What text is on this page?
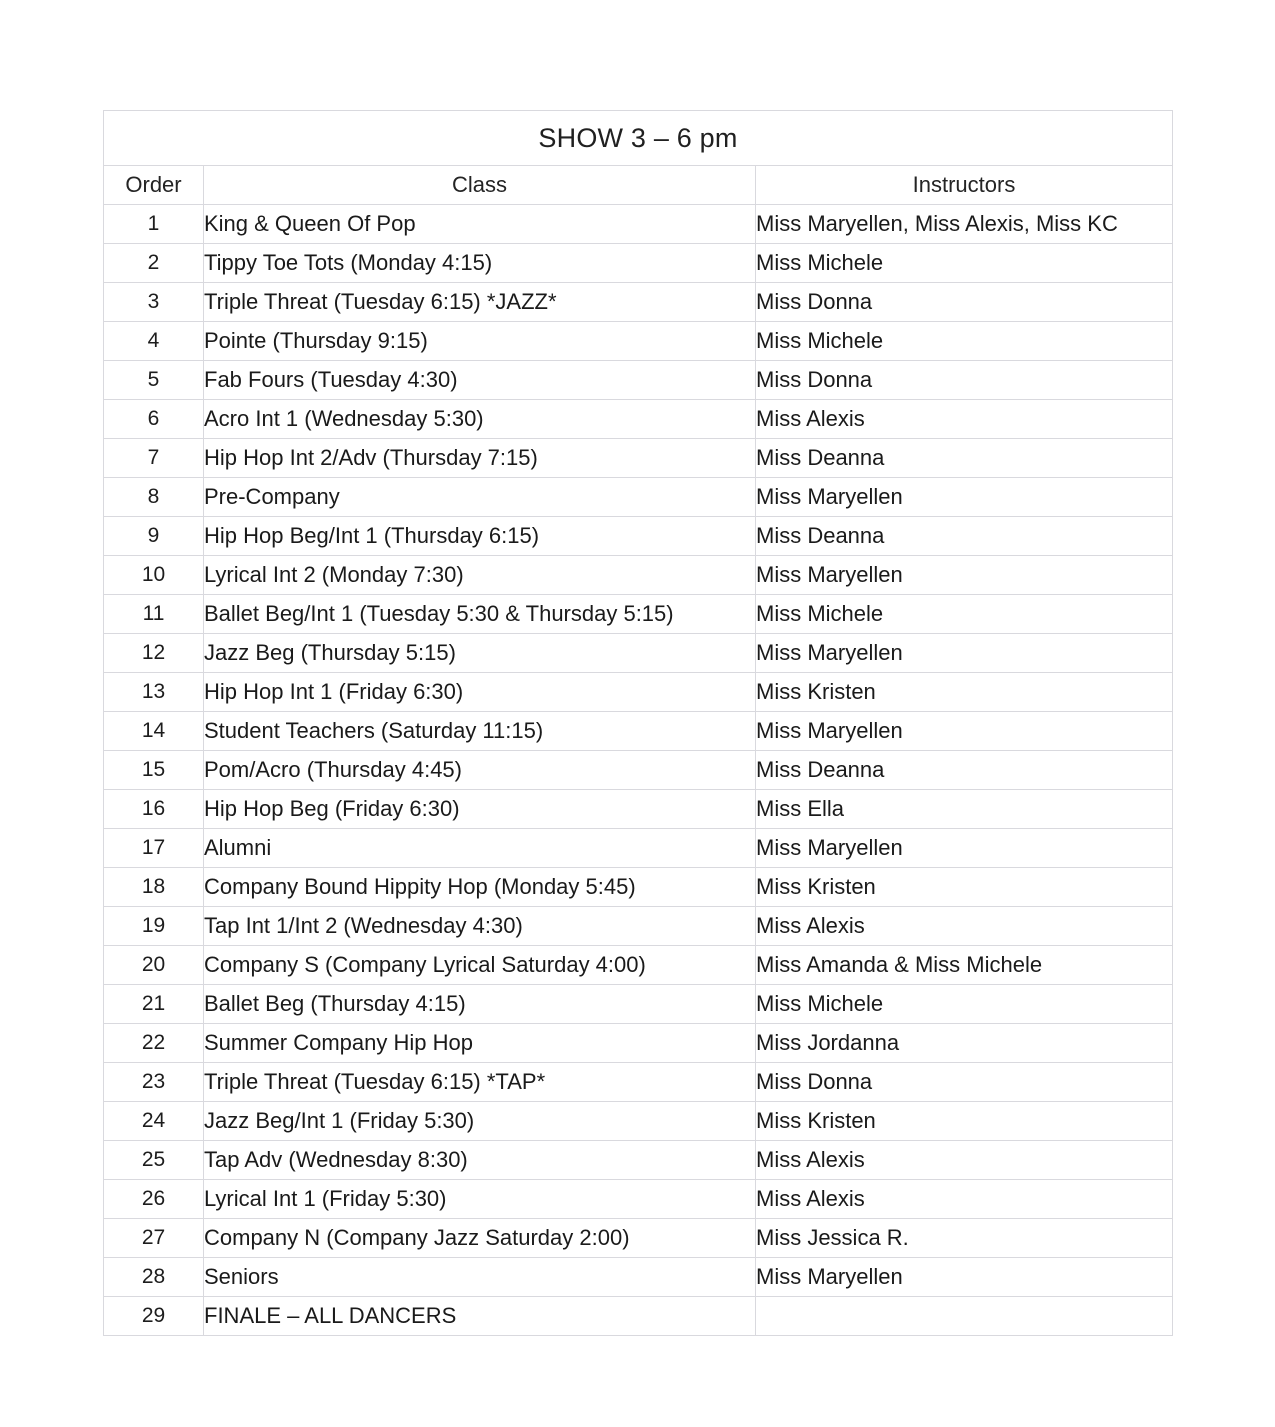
SHOW 3 – 6 pm		
Order	Class	Instructors
1	King & Queen Of Pop	Miss Maryellen, Miss Alexis, Miss KC
2	Tippy Toe Tots (Monday 4:15)	Miss Michele
3	Triple Threat (Tuesday 6:15) *JAZZ*	Miss Donna
4	Pointe (Thursday 9:15)	Miss Michele
5	Fab Fours (Tuesday 4:30)	Miss Donna
6	Acro Int 1 (Wednesday 5:30)	Miss Alexis
7	Hip Hop Int 2/Adv (Thursday 7:15)	Miss Deanna
8	Pre-Company	Miss Maryellen
9	Hip Hop Beg/Int 1 (Thursday 6:15)	Miss Deanna
10	Lyrical Int 2 (Monday 7:30)	Miss Maryellen
11	Ballet Beg/Int 1 (Tuesday 5:30 & Thursday 5:15)	Miss Michele
12	Jazz Beg (Thursday 5:15)	Miss Maryellen
13	Hip Hop Int 1 (Friday 6:30)	Miss Kristen
14	Student Teachers (Saturday 11:15)	Miss Maryellen
15	Pom/Acro (Thursday 4:45)	Miss Deanna
16	Hip Hop Beg (Friday 6:30)	Miss Ella
17	Alumni	Miss Maryellen
18	Company Bound Hippity Hop (Monday 5:45)	Miss Kristen
19	Tap Int 1/Int 2 (Wednesday 4:30)	Miss Alexis
20	Company S (Company Lyrical Saturday 4:00)	Miss Amanda & Miss Michele
21	Ballet Beg (Thursday 4:15)	Miss Michele
22	Summer Company Hip Hop	Miss Jordanna
23	Triple Threat (Tuesday 6:15) *TAP*	Miss Donna
24	Jazz Beg/Int 1 (Friday 5:30)	Miss Kristen
25	Tap Adv (Wednesday 8:30)	Miss Alexis
26	Lyrical Int 1 (Friday 5:30)	Miss Alexis
27	Company N (Company Jazz Saturday 2:00)	Miss Jessica R.
28	Seniors	Miss Maryellen
29	FINALE – ALL DANCERS	
